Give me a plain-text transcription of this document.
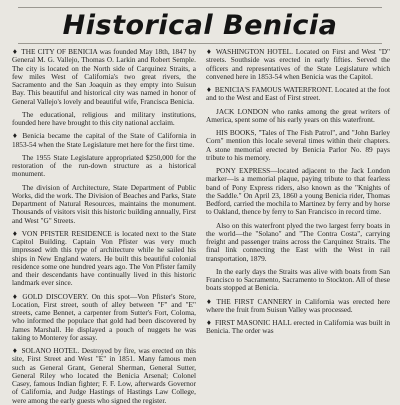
Historical Benicia

♦ THE CITY OF BENICIA was founded May 18th, 1847 by General M. G. Vallejo, Thomas O. Larkin and Robert Semple. The city is located on the North side of Carquinez Straits, a few miles West of California's two great rivers, the Sacramento and the San Joaquin as they empty into Suisun Bay. This beautiful and historical city was named in honor of General Vallejo's lovely and beautiful wife, Francisca Benicia.

The educational, religious and military institutions, founded here have brought to this city national acclaim.

♦ Benicia became the capital of the State of California in 1853-54 when the State Legislature met here for the first time.

The 1955 State Legislature appropriated $250,000 for the restoration of the run-down structure as a historical monument.

The division of Architecture, State Department of Public Works, did the work. The Division of Beaches and Parks, State Department of Natural Resources, maintains the monument. Thousands of visitors visit this historic building annually, First and West "G" Streets.

♦ VON PFISTER RESIDENCE is located next to the State Capitol Building. Captain Von Pfister was very much impressed with this type of architecture while he sailed his ships in New England waters. He built this beautiful colonial residence some one hundred years ago. The Von Pfister family and their descendants have continually lived in this historic landmark ever since.

♦ GOLD DISCOVERY. On this spot—Von Pfister's Store, Location, First street, south of alley between "F" and "E" streets, came Bennet, a carpenter from Sutter's Fort, Coloma, who informed the populace that gold had been discovered by James Marshall. He displayed a pouch of nuggets he was taking to Monterey for assay.

♦ SOLANO HOTEL. Destroyed by fire, was erected on this site, First Street and West "E" in 1851. Many famous men such as General Grant, General Sherman, General Sutter, General Riley who located the Benicia Arsenal; Colonel Casey, famous Indian fighter; F. F. Low, afterwards Governor of California, and Judge Hastings of Hastings Law College, were among the early guests who signed the register.

♦ WASHINGTON HOTEL. Located on First and West "D" streets. Southside was erected in early fifties. Served the officers and representatives of the State Legislature which convened here in 1853-54 when Benicia was the Capitol.

♦ BENICIA'S FAMOUS WATERFRONT. Located at the foot and to the West and East of First street.

JACK LONDON who ranks among the great writers of America, spent some of his early years on this waterfront.

HIS BOOKS, "Tales of The Fish Patrol", and "John Barley Corn" mention this locale several times within their chapters. A stone memorial erected by Benicia Parlor No. 89 pays tribute to his memory.

PONY EXPRESS—located adjacent to the Jack London marker—is a memorial plaque, paying tribute to that fearless band of Pony Express riders, also known as the "Knights of the Saddle." On April 23, 1860 a young Benicia rider, Thomas Bedford, carried the mochila to Martinez by ferry and by horse to Oakland, thence by ferry to San Francisco in record time.

Also on this waterfront plyed the two largest ferry boats in the world—the "Solano" and "The Contra Costa", carrying freight and passenger trains across the Carquinez Straits. The final link connecting the East with the West in rail transportation, 1879.

In the early days the Straits was alive with boats from San Francisco to Sacramento, Sacramento to Stockton. All of these boats stopped at Benicia.

♦ THE FIRST CANNERY in California was erected here where the fruit from Suisun Valley was processed.

♦ FIRST MASONIC HALL erected in California was built in Benicia. The order was
